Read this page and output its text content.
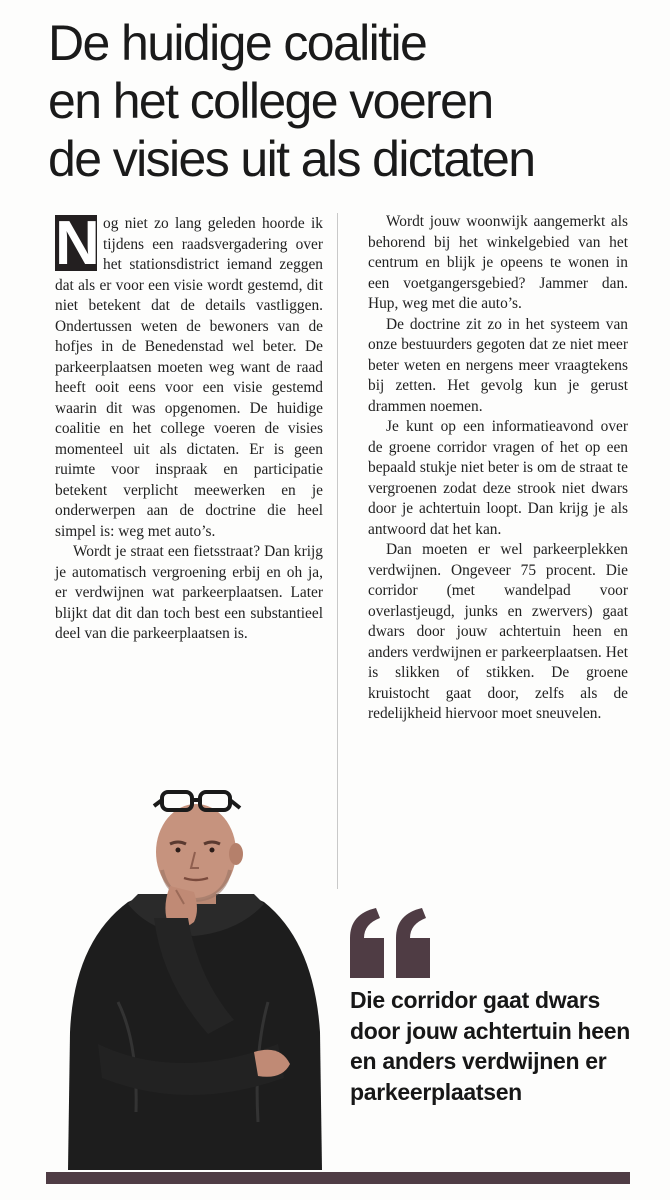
De huidige coalitie
en het college voeren
de visies uit als dictaten

N og niet zo lang geleden hoorde ik tijdens een raadsvergadering over het stationsdistrict iemand zeggen dat als er voor een visie wordt gestemd, dit niet betekent dat de details vastliggen. Ondertussen weten de bewoners van de hofjes in de Benedenstad wel beter. De parkeerplaatsen moeten weg want de raad heeft ooit eens voor een visie gestemd waarin dit was opgenomen. De huidige coalitie en het college voeren de visies momenteel uit als dictaten. Er is geen ruimte voor inspraak en participatie betekent verplicht meewerken en je onderwerpen aan de doctrine die heel simpel is: weg met auto’s.

Wordt je straat een fietsstraat? Dan krijg je automatisch vergroening erbij en oh ja, er verdwijnen wat parkeerplaatsen. Later blijkt dat dit dan toch best een substantieel deel van die parkeerplaatsen is.

Wordt jouw woonwijk aangemerkt als behorend bij het winkelgebied van het centrum en blijk je opeens te wonen in een voetgangersgebied? Jammer dan. Hup, weg met die auto’s.

De doctrine zit zo in het systeem van onze bestuurders gegoten dat ze niet meer beter weten en nergens meer vraagtekens bij zetten. Het gevolg kun je gerust drammen noemen.

Je kunt op een informatieavond over de groene corridor vragen of het op een bepaald stukje niet beter is om de straat te vergroenen zodat deze strook niet dwars door je achtertuin loopt. Dan krijg je als antwoord dat het kan.

Dan moeten er wel parkeerplekken verdwijnen. Ongeveer 75 procent. Die corridor (met wandelpad voor overlastjeugd, junks en zwervers) gaat dwars door jouw achtertuin heen en anders verdwijnen er parkeerplaatsen. Het is slikken of stikken. De groene kruistocht gaat door, zelfs als de redelijkheid hiervoor moet sneuvelen.

Die corridor gaat dwars door jouw achtertuin heen en anders verdwijnen er parkeerplaatsen
